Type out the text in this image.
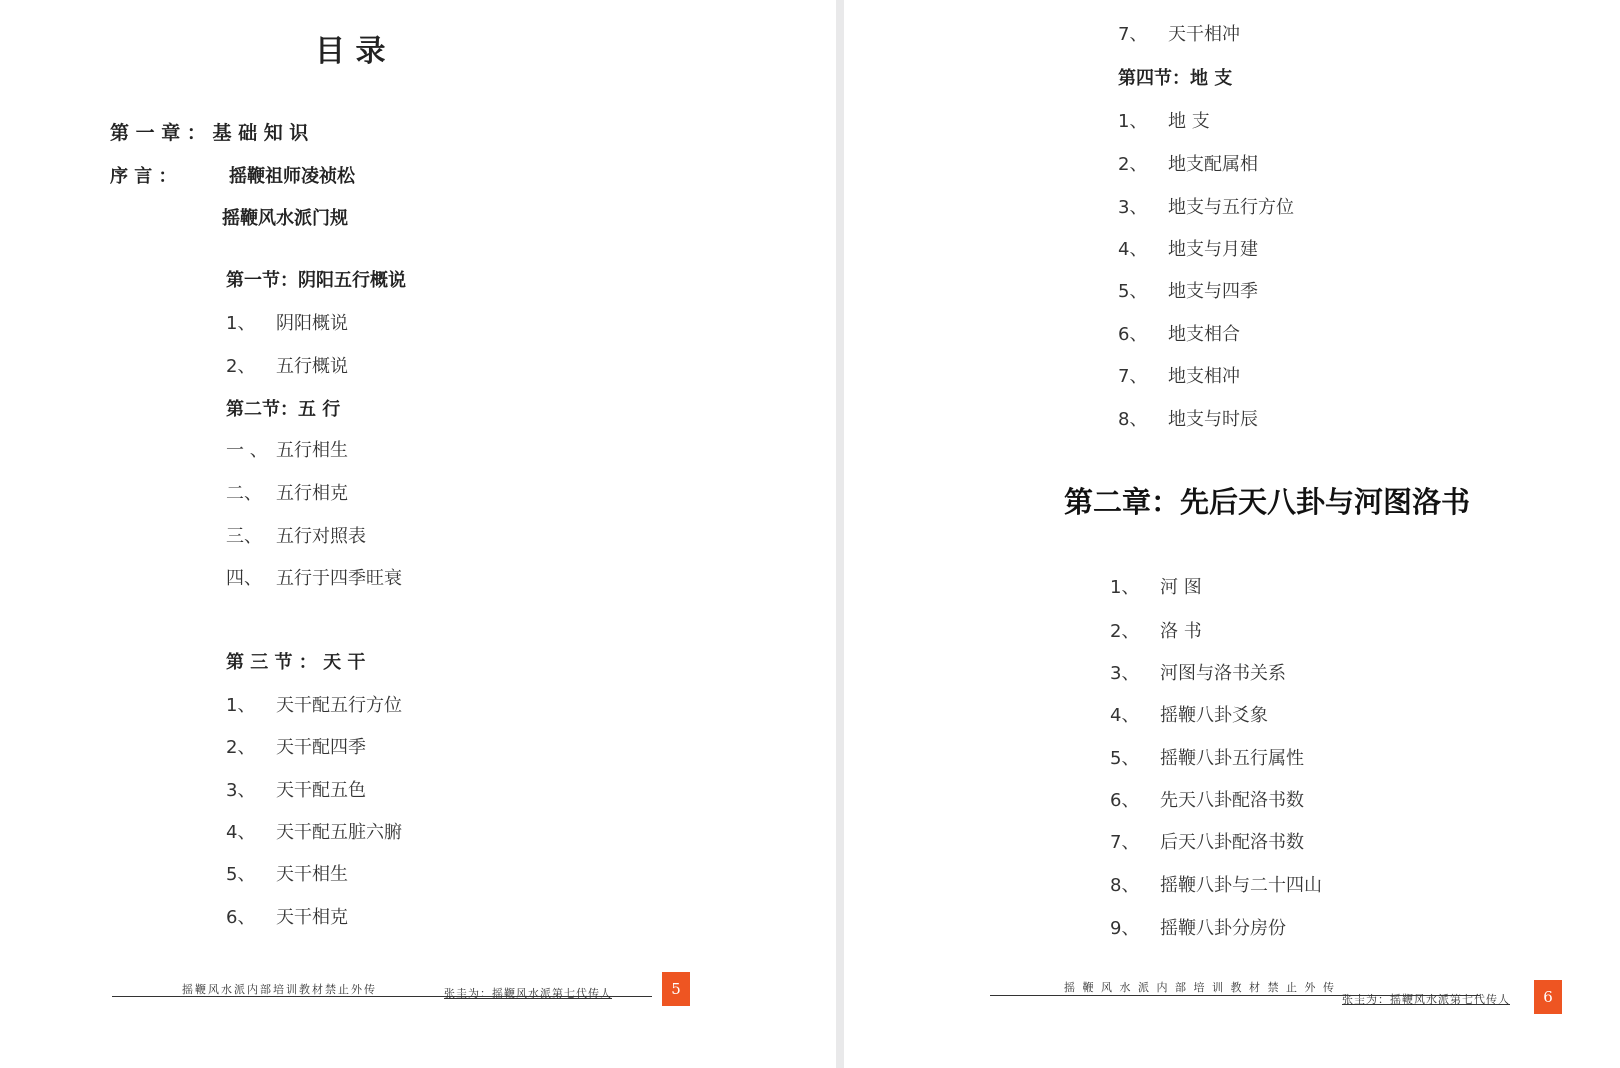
目 录
第 一 章 ： 基 础 知 识
序 言 ：	摇鞭祖师凌祯松
摇鞭风水派门规
第一节：阴阳五行概说
1、 阴阳概说
2、 五行概说
第二节：五 行
一 、 五行相生
二、 五行相克
三、 五行对照表
四、 五行于四季旺衰
第 三 节 ： 天 干
1、 天干配五行方位
2、 天干配四季
3、 天干配五色
4、 天干配五脏六腑
5、 天干相生
6、 天干相克
摇鞭风水派内部培训教材禁止外传	张圭为：摇鞭风水派第七代传人	5
7、 天干相冲
第四节：地 支
1、 地 支
2、 地支配属相
3、 地支与五行方位
4、 地支与月建
5、 地支与四季
6、 地支相合
7、 地支相冲
8、 地支与时辰
第二章：先后天八卦与河图洛书
1、 河 图
2、 洛 书
3、 河图与洛书关系
4、 摇鞭八卦爻象
5、 摇鞭八卦五行属性
6、 先天八卦配洛书数
7、 后天八卦配洛书数
8、 摇鞭八卦与二十四山
9、 摇鞭八卦分房份
摇 鞭 风 水 派 内 部 培 训 教 材 禁 止 外 传
张圭为：摇鞭风水派第七代传人	6
